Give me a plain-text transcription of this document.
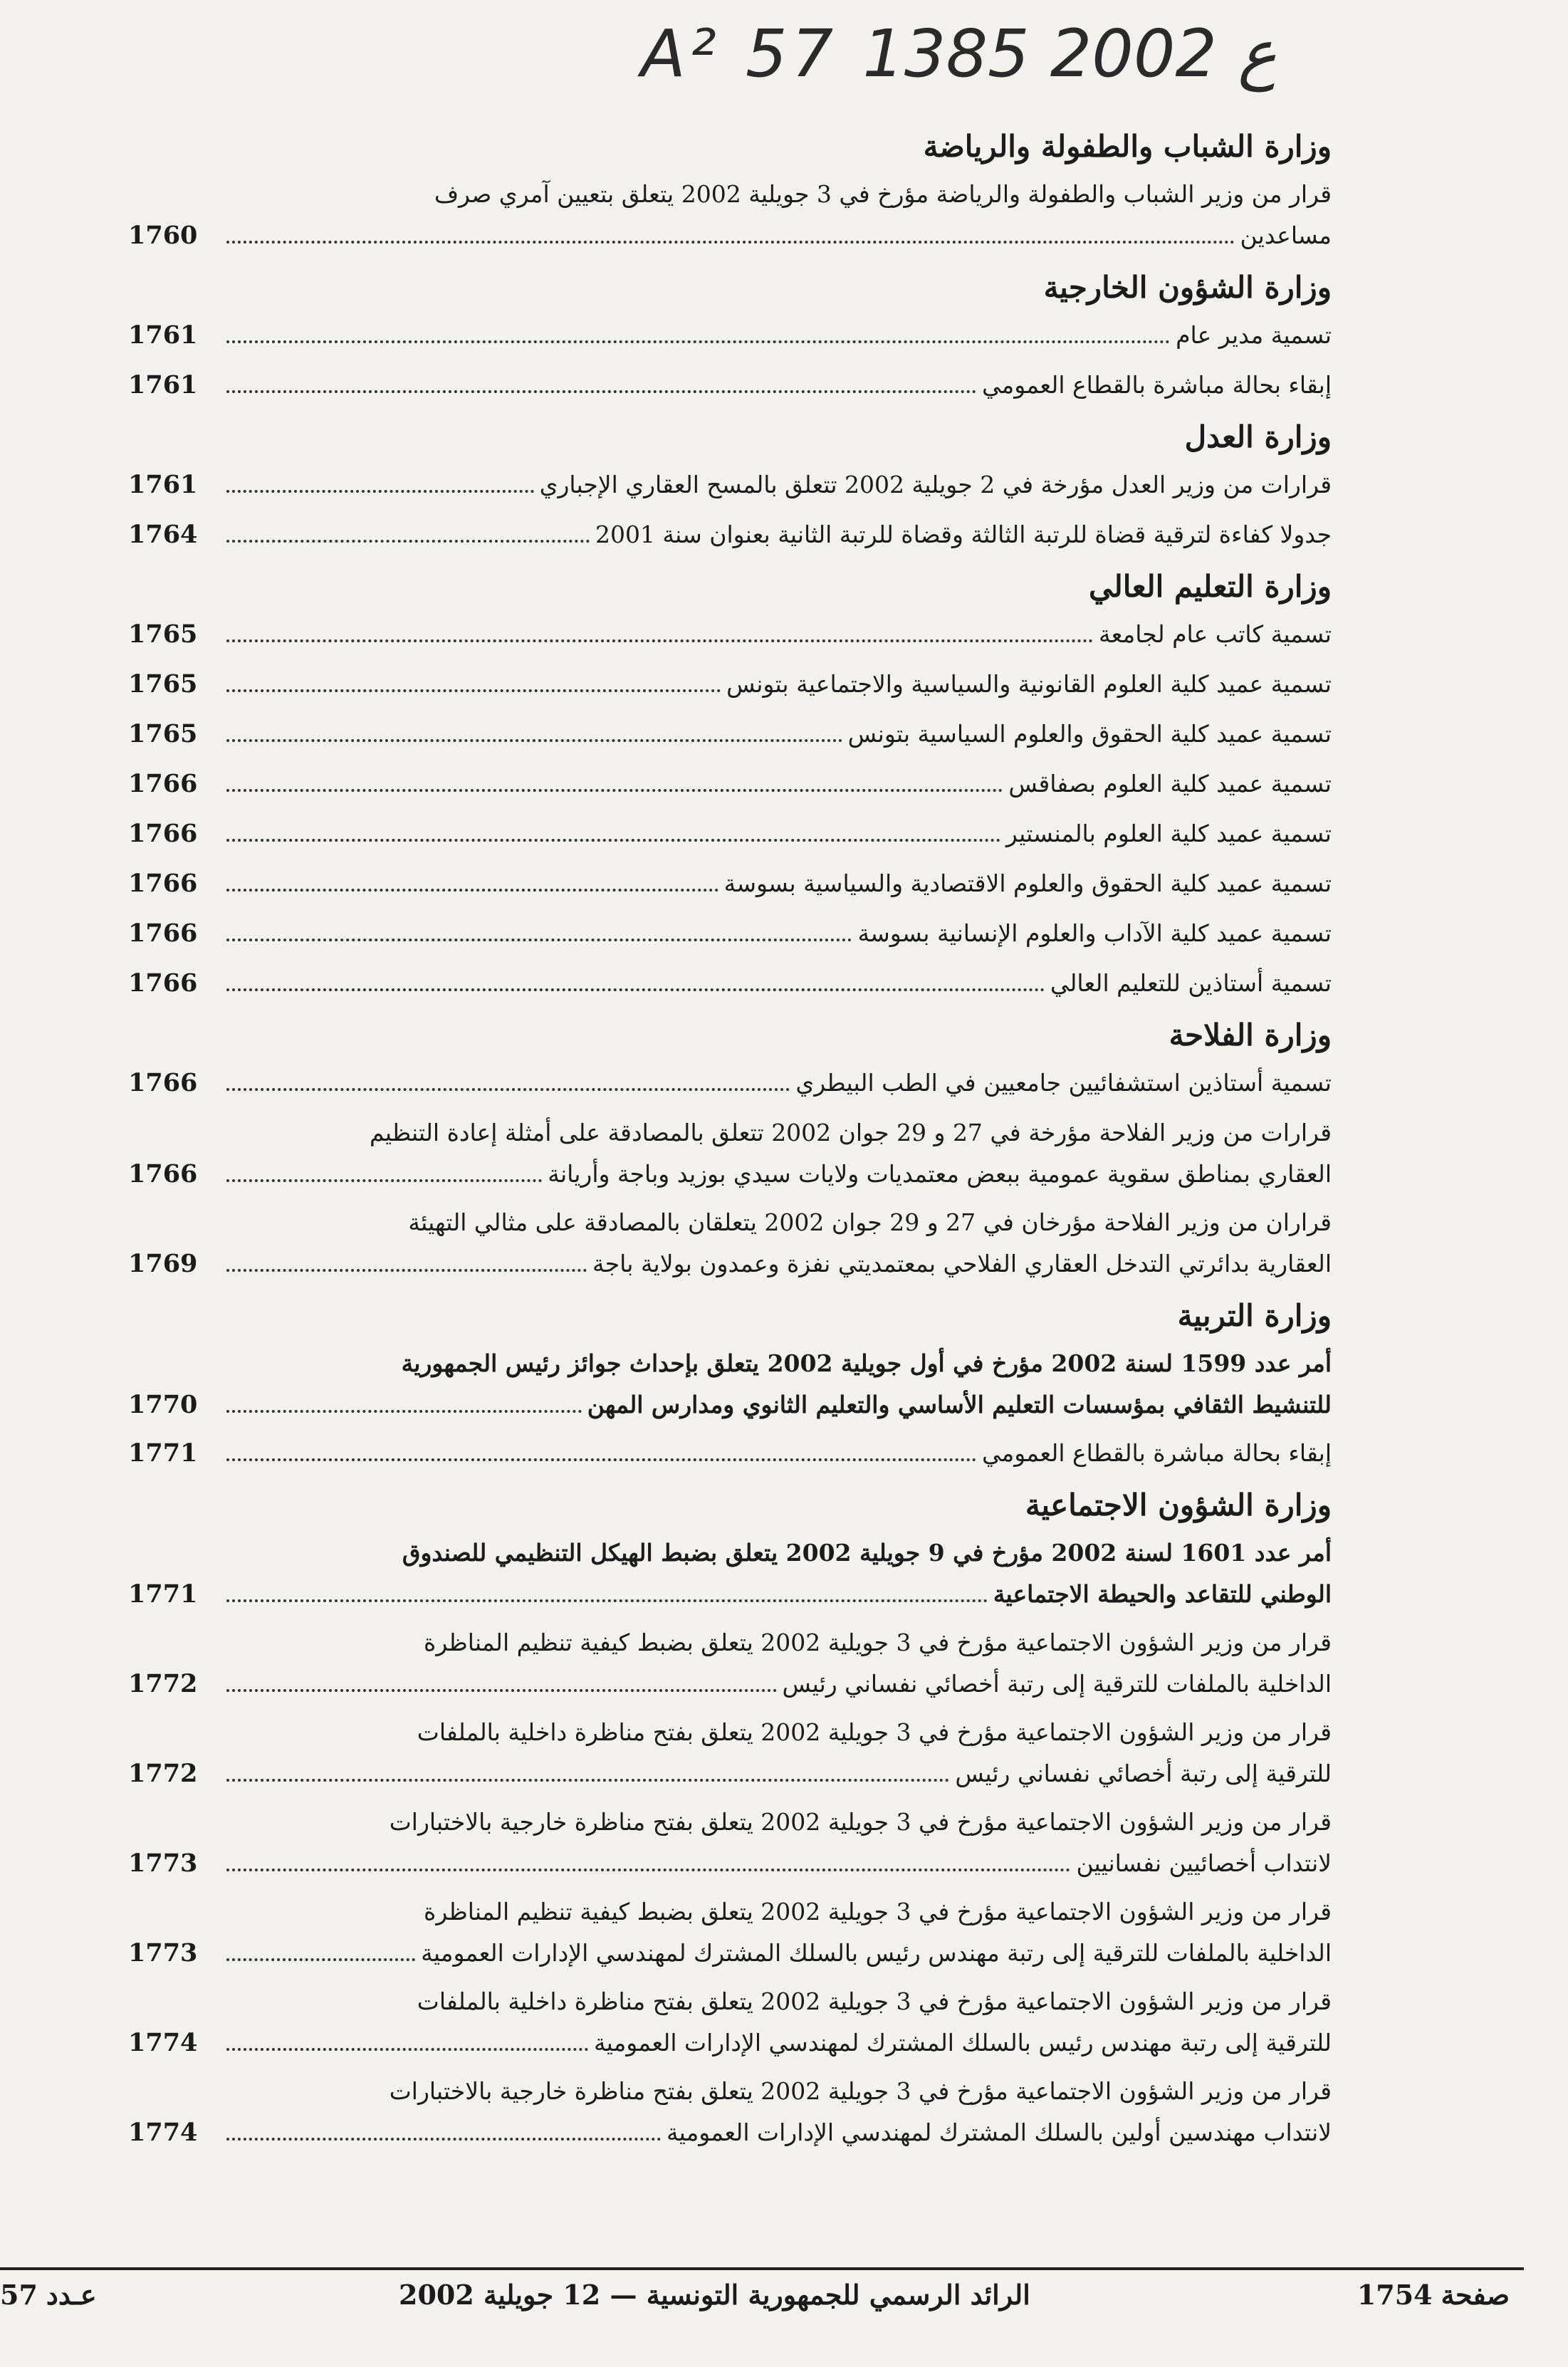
A² 57 ع 2002 1385
وزارة الشباب والطفولة والرياضة
قرار من وزير الشباب والطفولة والرياضة مؤرخ في 3 جويلية 2002 يتعلق بتعيين آمري صرف
مساعدين
1760
وزارة الشؤون الخارجية
تسمية مدير عام
1761
إبقاء بحالة مباشرة بالقطاع العمومي
1761
وزارة العدل
قرارات من وزير العدل مؤرخة في 2 جويلية 2002 تتعلق بالمسح العقاري الإجباري
1761
جدولا كفاءة لترقية قضاة للرتبة الثالثة وقضاة للرتبة الثانية بعنوان سنة 2001
1764
وزارة التعليم العالي
تسمية كاتب عام لجامعة
1765
تسمية عميد كلية العلوم القانونية والسياسية والاجتماعية بتونس
1765
تسمية عميد كلية الحقوق والعلوم السياسية بتونس
1765
تسمية عميد كلية العلوم بصفاقس
1766
تسمية عميد كلية العلوم بالمنستير
1766
تسمية عميد كلية الحقوق والعلوم الاقتصادية والسياسية بسوسة
1766
تسمية عميد كلية الآداب والعلوم الإنسانية بسوسة
1766
تسمية أستاذين للتعليم العالي
1766
وزارة الفلاحة
تسمية أستاذين استشفائيين جامعيين في الطب البيطري
1766
قرارات من وزير الفلاحة مؤرخة في 27 و 29 جوان 2002 تتعلق بالمصادقة على أمثلة إعادة التنظيم
العقاري بمناطق سقوية عمومية ببعض معتمديات ولايات سيدي بوزيد وباجة وأريانة
1766
قراران من وزير الفلاحة مؤرخان في 27 و 29 جوان 2002 يتعلقان بالمصادقة على مثالي التهيئة
العقارية بدائرتي التدخل العقاري الفلاحي بمعتمديتي نفزة وعمدون بولاية باجة
1769
وزارة التربية
أمر عدد 1599 لسنة 2002 مؤرخ في أول جويلية 2002 يتعلق بإحداث جوائز رئيس الجمهورية
للتنشيط الثقافي بمؤسسات التعليم الأساسي والتعليم الثانوي ومدارس المهن
1770
إبقاء بحالة مباشرة بالقطاع العمومي
1771
وزارة الشؤون الاجتماعية
أمر عدد 1601 لسنة 2002 مؤرخ في 9 جويلية 2002 يتعلق بضبط الهيكل التنظيمي للصندوق
الوطني للتقاعد والحيطة الاجتماعية
1771
قرار من وزير الشؤون الاجتماعية مؤرخ في 3 جويلية 2002 يتعلق بضبط كيفية تنظيم المناظرة
الداخلية بالملفات للترقية إلى رتبة أخصائي نفساني رئيس
1772
قرار من وزير الشؤون الاجتماعية مؤرخ في 3 جويلية 2002 يتعلق بفتح مناظرة داخلية بالملفات
للترقية إلى رتبة أخصائي نفساني رئيس
1772
قرار من وزير الشؤون الاجتماعية مؤرخ في 3 جويلية 2002 يتعلق بفتح مناظرة خارجية بالاختبارات
لانتداب أخصائيين نفسانيين
1773
قرار من وزير الشؤون الاجتماعية مؤرخ في 3 جويلية 2002 يتعلق بضبط كيفية تنظيم المناظرة
الداخلية بالملفات للترقية إلى رتبة مهندس رئيس بالسلك المشترك لمهندسي الإدارات العمومية
1773
قرار من وزير الشؤون الاجتماعية مؤرخ في 3 جويلية 2002 يتعلق بفتح مناظرة داخلية بالملفات
للترقية إلى رتبة مهندس رئيس بالسلك المشترك لمهندسي الإدارات العمومية
1774
قرار من وزير الشؤون الاجتماعية مؤرخ في 3 جويلية 2002 يتعلق بفتح مناظرة خارجية بالاختبارات
لانتداب مهندسين أولين بالسلك المشترك لمهندسي الإدارات العمومية
1774
صفحة1754
الرائد الرسمي للجمهورية التونسية — 12 جويلية 2002
عـدد57
